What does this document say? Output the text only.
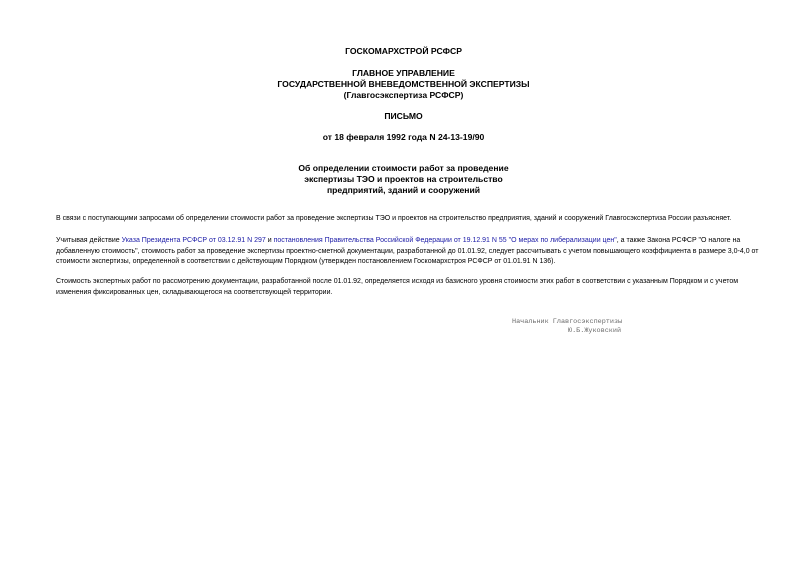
ГОСКОМАРХСТРОЙ РСФСР
ГЛАВНОЕ УПРАВЛЕНИЕ
ГОСУДАРСТВЕННОЙ ВНЕВЕДОМСТВЕННОЙ ЭКСПЕРТИЗЫ
(Главгосэкспертиза РСФСР)
ПИСЬМО
от 18 февраля 1992 года N 24-13-19/90
Об определении стоимости работ за проведение
экспертизы ТЭО и проектов на строительство
предприятий, зданий и сооружений
В связи с поступающими запросами об определении стоимости работ за проведение экспертизы ТЭО и проектов на строительство предприятия, зданий и сооружений Главгосэкспертиза России разъясняет.
Учитывая действие Указа Президента РСФСР от 03.12.91 N 297 и постановления Правительства Российской Федерации от 19.12.91 N 55 "О мерах по либерализации цен", а также Закона РСФСР "О налоге на добавленную стоимость", стоимость работ за проведение экспертизы проектно-сметной документации, разработанной до 01.01.92, следует рассчитывать с учетом повышающего коэффициента в размере 3,0-4,0 от стоимости экспертизы, определенной в соответствии с действующим Порядком (утвержден постановлением Госкомархстроя РСФСР от 01.01.91 N 136).
Стоимость экспертных работ по рассмотрению документации, разработанной после 01.01.92, определяется исходя из базисного уровня стоимости этих работ в соответствии с указанным Порядком и с учетом изменения фиксированных цен, складывающегося на соответствующей территории.
Начальник Главгосэкспертизы
Ю.Б.Жуковский
